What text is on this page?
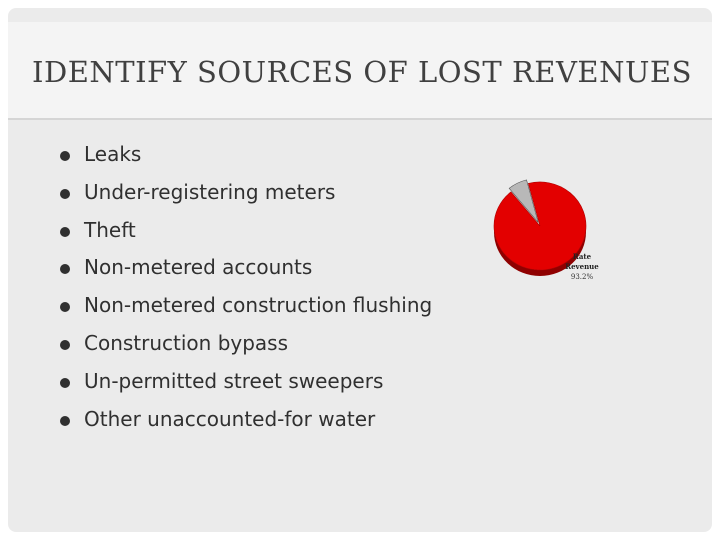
IDENTIFY SOURCES OF LOST REVENUES
Leaks
Under-registering meters
Theft
Non-metered accounts
Non-metered construction flushing
Construction bypass
Un-permitted street sweepers
Other unaccounted-for water
Rate
Revenue
93.2%
